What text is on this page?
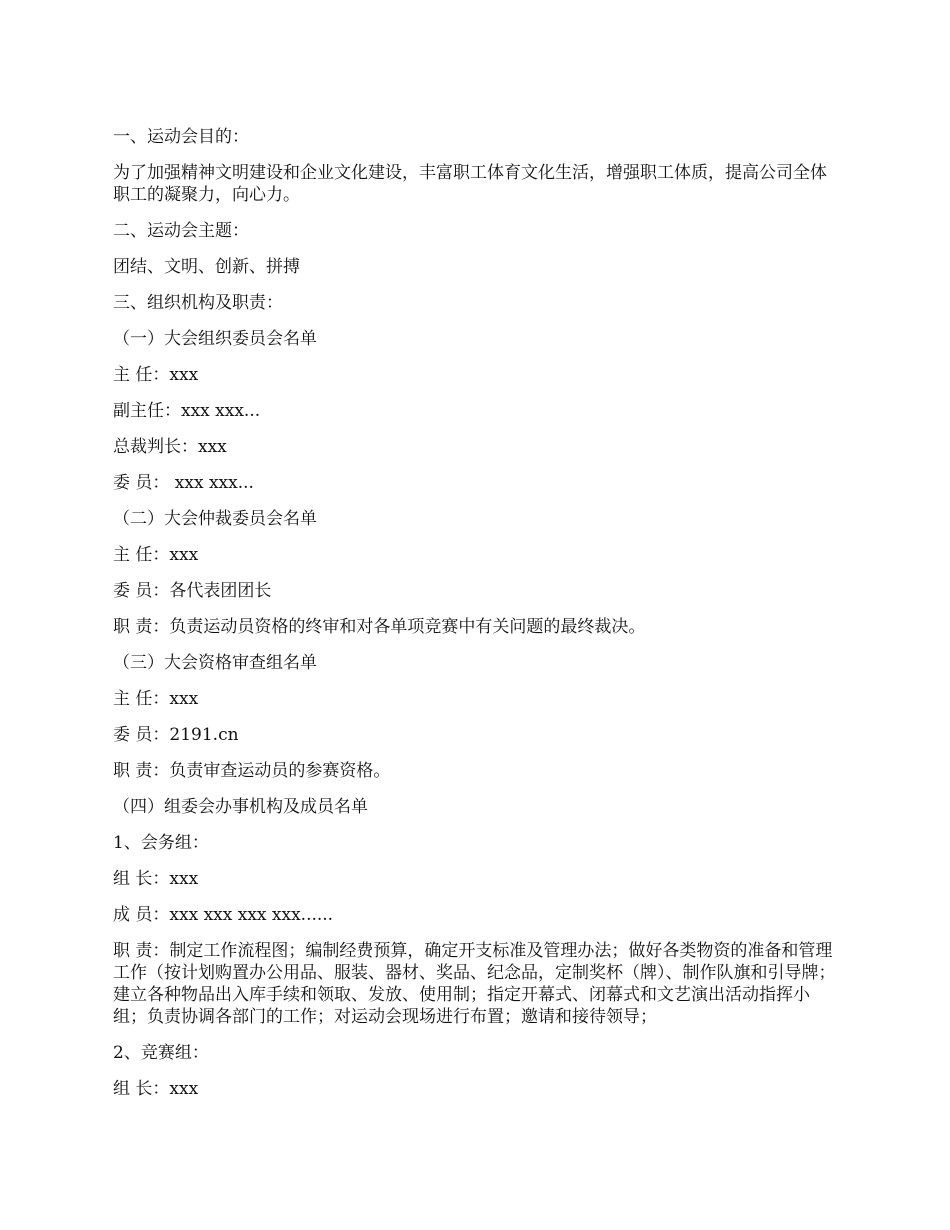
一、运动会目的：

为了加强精神文明建设和企业文化建设，丰富职工体育文化生活，增强职工体质，提高公司全体职工的凝聚力，向心力。

二、运动会主题：

团结、文明、创新、拼搏

三、组织机构及职责：

（一）大会组织委员会名单

主 任：xxx

副主任：xxx xxx...

总裁判长：xxx

委 员： xxx xxx...

（二）大会仲裁委员会名单

主 任：xxx

委 员：各代表团团长

职 责：负责运动员资格的终审和对各单项竞赛中有关问题的最终裁决。

（三）大会资格审查组名单

主 任：xxx

委 员：2191.cn

职 责：负责审查运动员的参赛资格。

（四）组委会办事机构及成员名单

1、会务组：

组 长：xxx

成 员：xxx xxx xxx xxx......

职 责：制定工作流程图；编制经费预算，确定开支标准及管理办法；做好各类物资的准备和管理工作（按计划购置办公用品、服装、器材、奖品、纪念品，定制奖杯（牌）、制作队旗和引导牌；建立各种物品出入库手续和领取、发放、使用制；指定开幕式、闭幕式和文艺演出活动指挥小组；负责协调各部门的工作；对运动会现场进行布置；邀请和接待领导；

2、竞赛组：

组 长：xxx
